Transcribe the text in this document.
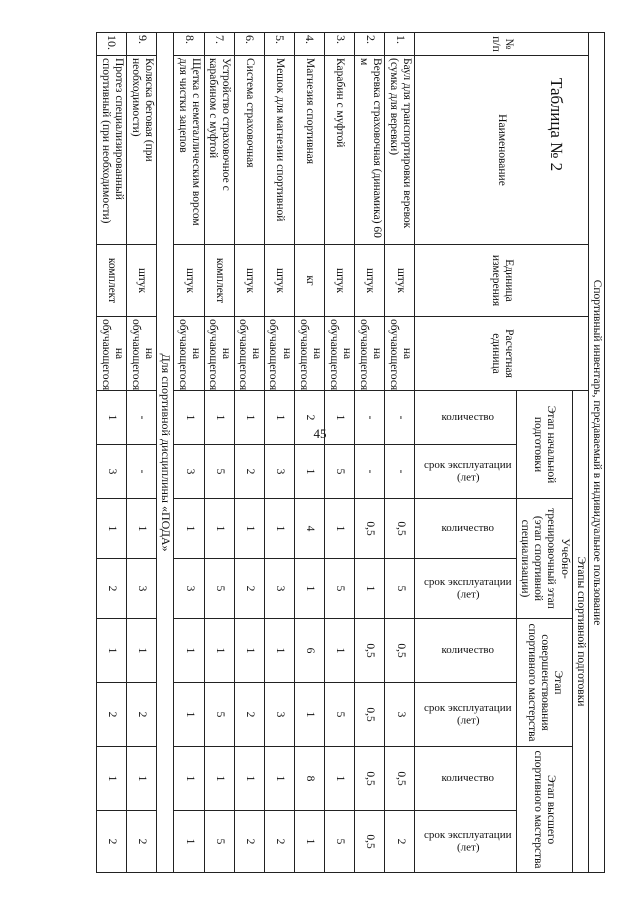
45
Таблица № 2
Спортивный инвентарь, передаваемый в индивидуальное пользование											
№ п/п	Наименование	Единица измерения	Расчетная единица	Этапы спортивной подготовки							
				Этап начальной подготовки		Учебно-тренировочный этап (этап спортивной специализации)		Этап совершенствования спортивного мастерства		Этап высшего спортивного мастерства	
				количество	срок эксплуатации (лет)	количество	срок эксплуатации (лет)	количество	срок эксплуатации (лет)	количество	срок эксплуатации (лет)
1.	Баул для транспортировки веревок (сумка для веревки)	штук	на обучающегося	-	-	0,5	5	0,5	3	0,5	2
2.	Веревка страховочная (динамика) 60 м	штук	на обучающегося	-	-	0,5	1	0,5	0,5	0,5	0,5
3.	Карабин с муфтой	штук	на обучающегося	1	5	1	5	1	5	1	5
4.	Магнезия спортивная	кг	на обучающегося	2	1	4	1	6	1	8	1
5.	Мешок для магнезии спортивной	штук	на обучающегося	1	3	1	3	1	3	1	2
6.	Система страховочная	штук	на обучающегося	1	2	1	2	1	2	1	2
7.	Устройство страховочное с карабином с муфтой	комплект	на обучающегося	1	5	1	5	1	5	1	5
8.	Щетка с неметаллическим ворсом для чистки зацепов	штук	на обучающегося	1	3	1	3	1	1	1	1
Для спортивной дисциплины «ПОДА»											
9.	Коляска беговая (при необходимости)	штук	на обучающегося	-	-	1	3	1	2	1	2
10.	Протез специализированный спортивный (при необходимости)	комплект	на обучающегося	1	3	1	2	1	2	1	2
